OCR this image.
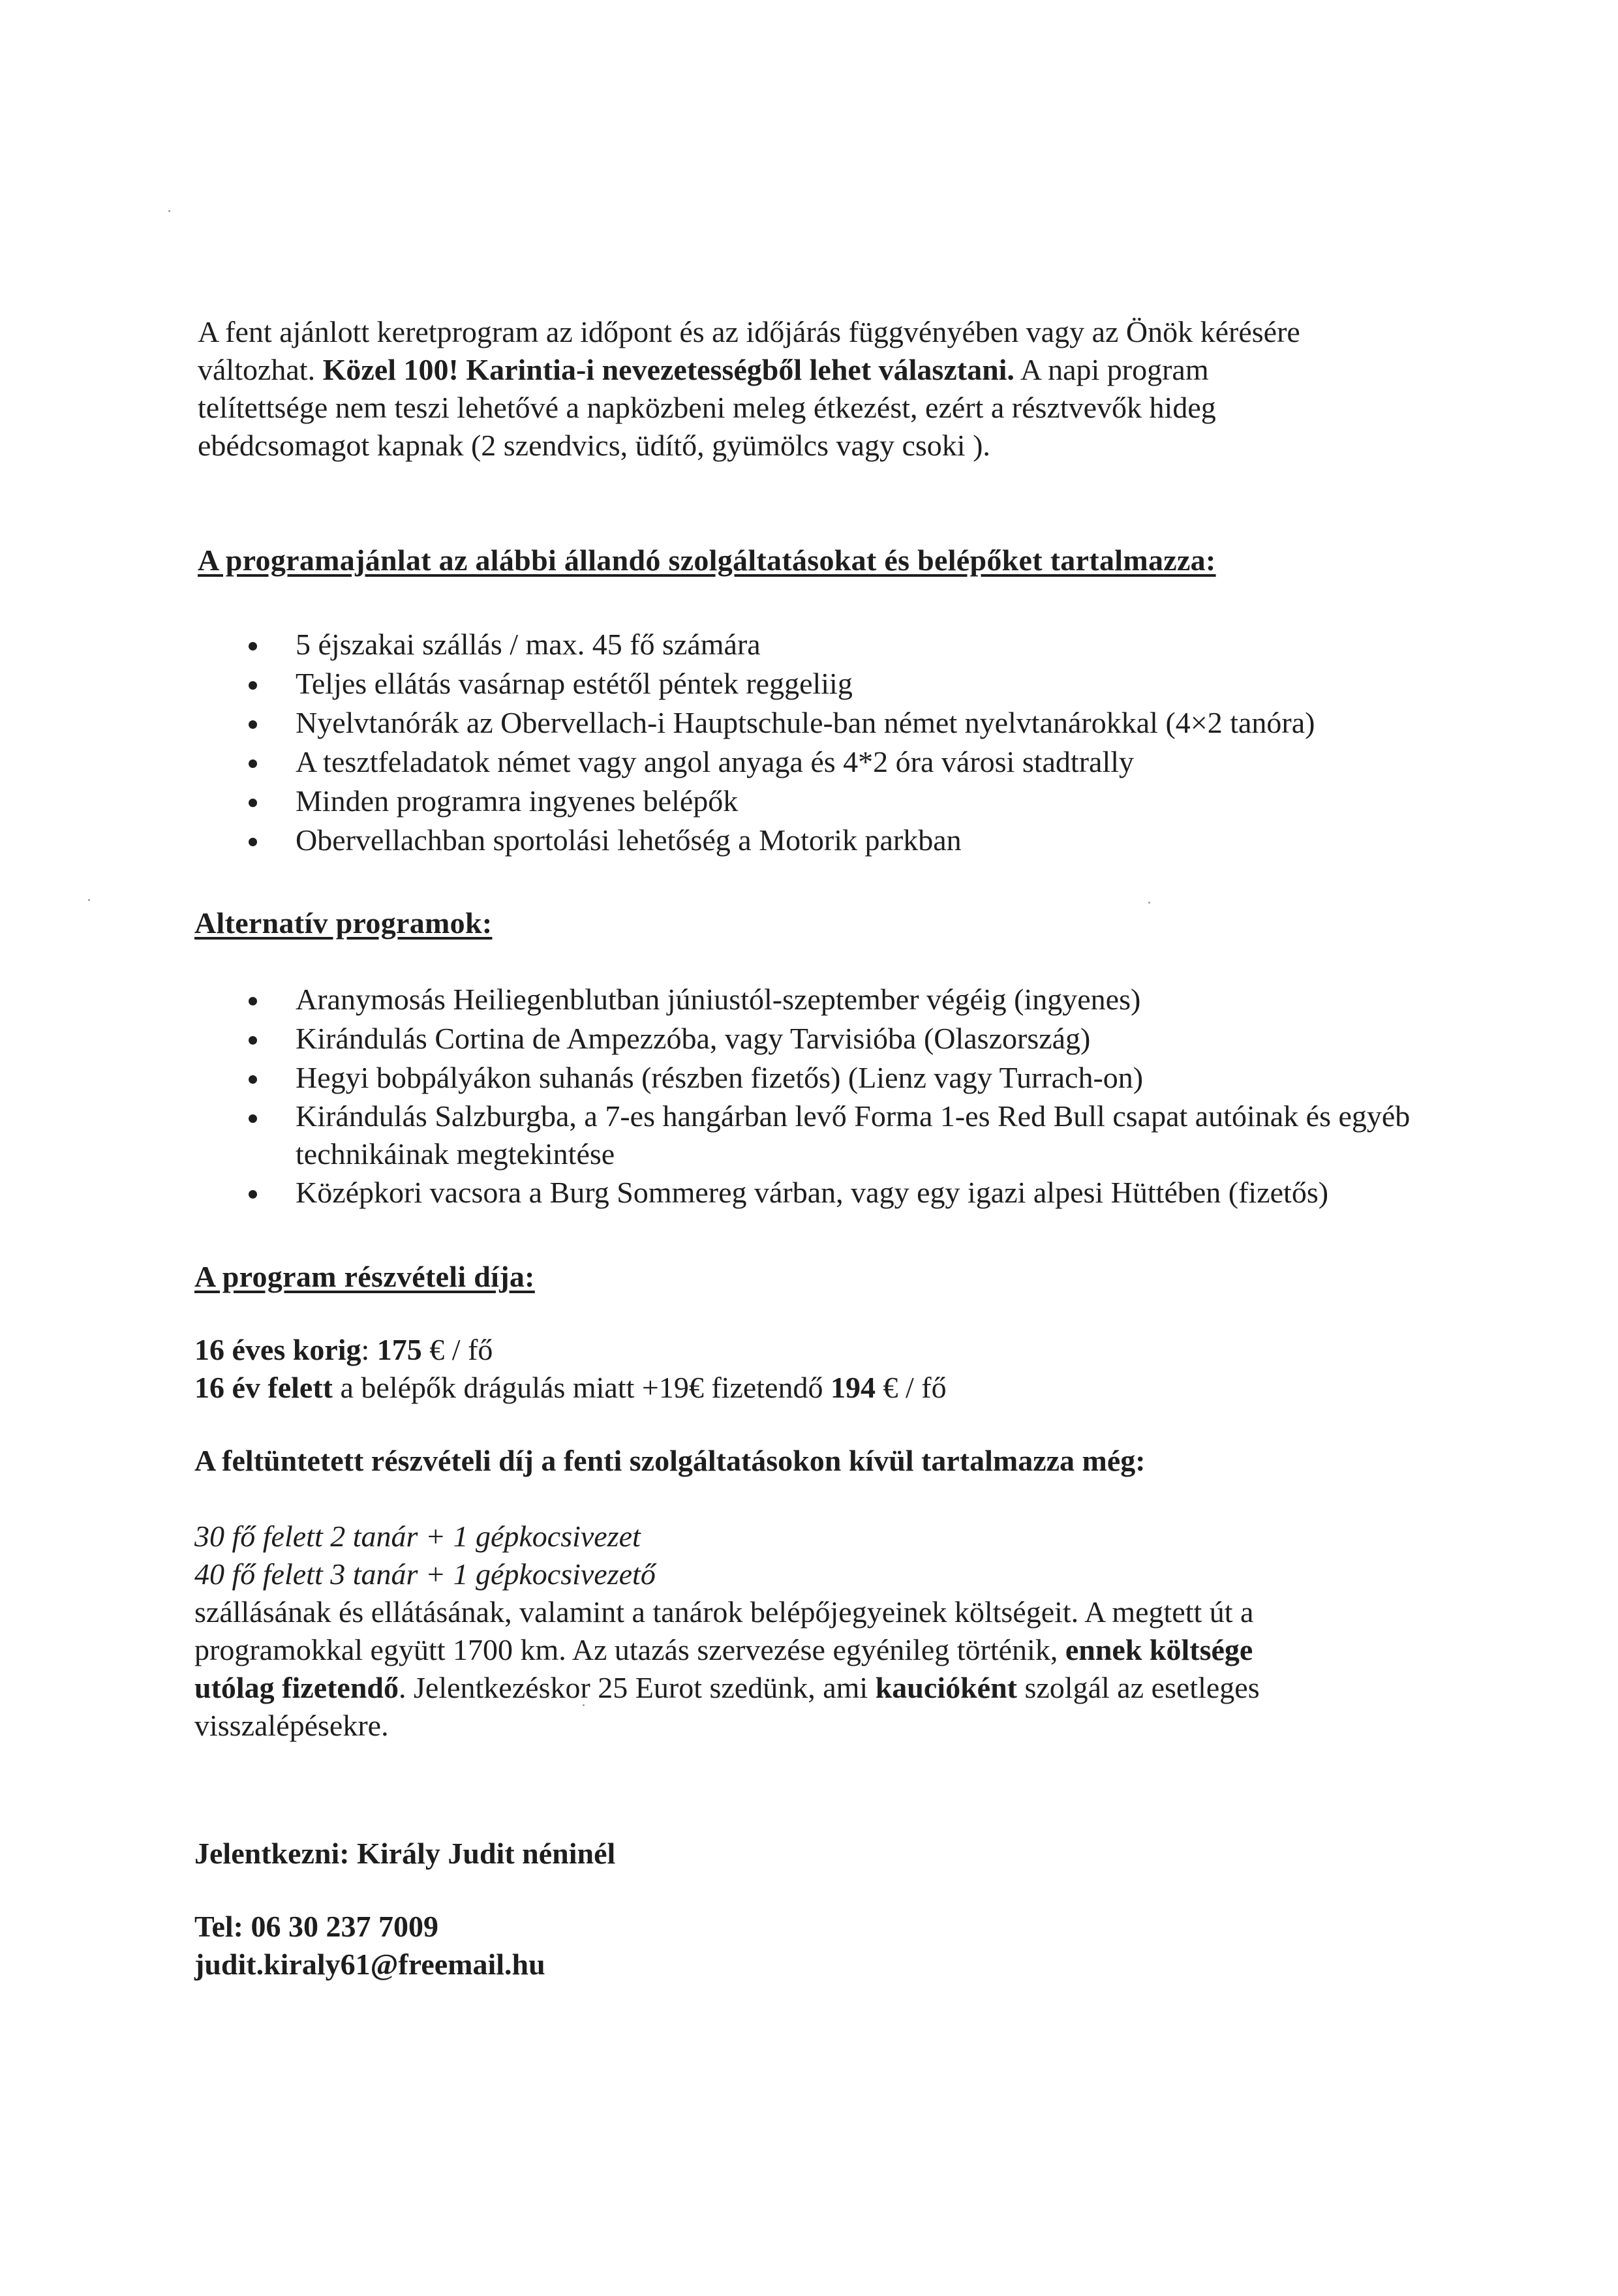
A fent ajánlott keretprogram az időpont és az időjárás függvényében vagy az Önök kérésére

változhat. Közel 100! Karintia-i nevezetességből lehet választani. A napi program

telítettsége nem teszi lehetővé a napközbeni meleg étkezést, ezért a résztvevők hideg

ebédcsomagot kapnak (2 szendvics, üdítő, gyümölcs vagy csoki ).

A programajánlat az alábbi állandó szolgáltatásokat és belépőket tartalmazza:

5 éjszakai szállás / max. 45 fő számára
Teljes ellátás vasárnap estétől péntek reggeliig
Nyelvtanórák az Obervellach-i Hauptschule-ban német nyelvtanárokkal (4×2 tanóra)
A tesztfeladatok német vagy angol anyaga és 4*2 óra városi stadtrally
Minden programra ingyenes belépők
Obervellachban sportolási lehetőség a Motorik parkban

Alternatív programok:

Aranymosás Heiliegenblutban júniustól-szeptember végéig (ingyenes)
Kirándulás Cortina de Ampezzóba, vagy Tarvisióba (Olaszország)
Hegyi bobpályákon suhanás (részben fizetős) (Lienz vagy Turrach-on)
Kirándulás Salzburgba, a 7-es hangárban levő Forma 1-es Red Bull csapat autóinak és egyéb technikáinak megtekintése
Középkori vacsora a Burg Sommereg várban, vagy egy igazi alpesi Hüttében (fizetős)

A program részvételi díja:

16 éves korig: 175 € / fő

16 év felett a belépők drágulás miatt +19€ fizetendő 194 € / fő

A feltüntetett részvételi díj a fenti szolgáltatásokon kívül tartalmazza még:

30 fő felett 2 tanár + 1 gépkocsivezet

40 fő felett 3 tanár + 1 gépkocsivezető

szállásának és ellátásának, valamint a tanárok belépőjegyeinek költségeit. A megtett út a

programokkal együtt 1700 km. Az utazás szervezése egyénileg történik, ennek költsége

utólag fizetendő. Jelentkezéskor 25 Eurot szedünk, ami kaucióként szolgál az esetleges

visszalépésekre.

Jelentkezni: Király Judit néninél

Tel: 06 30 237 7009

judit.kiraly61@freemail.hu
